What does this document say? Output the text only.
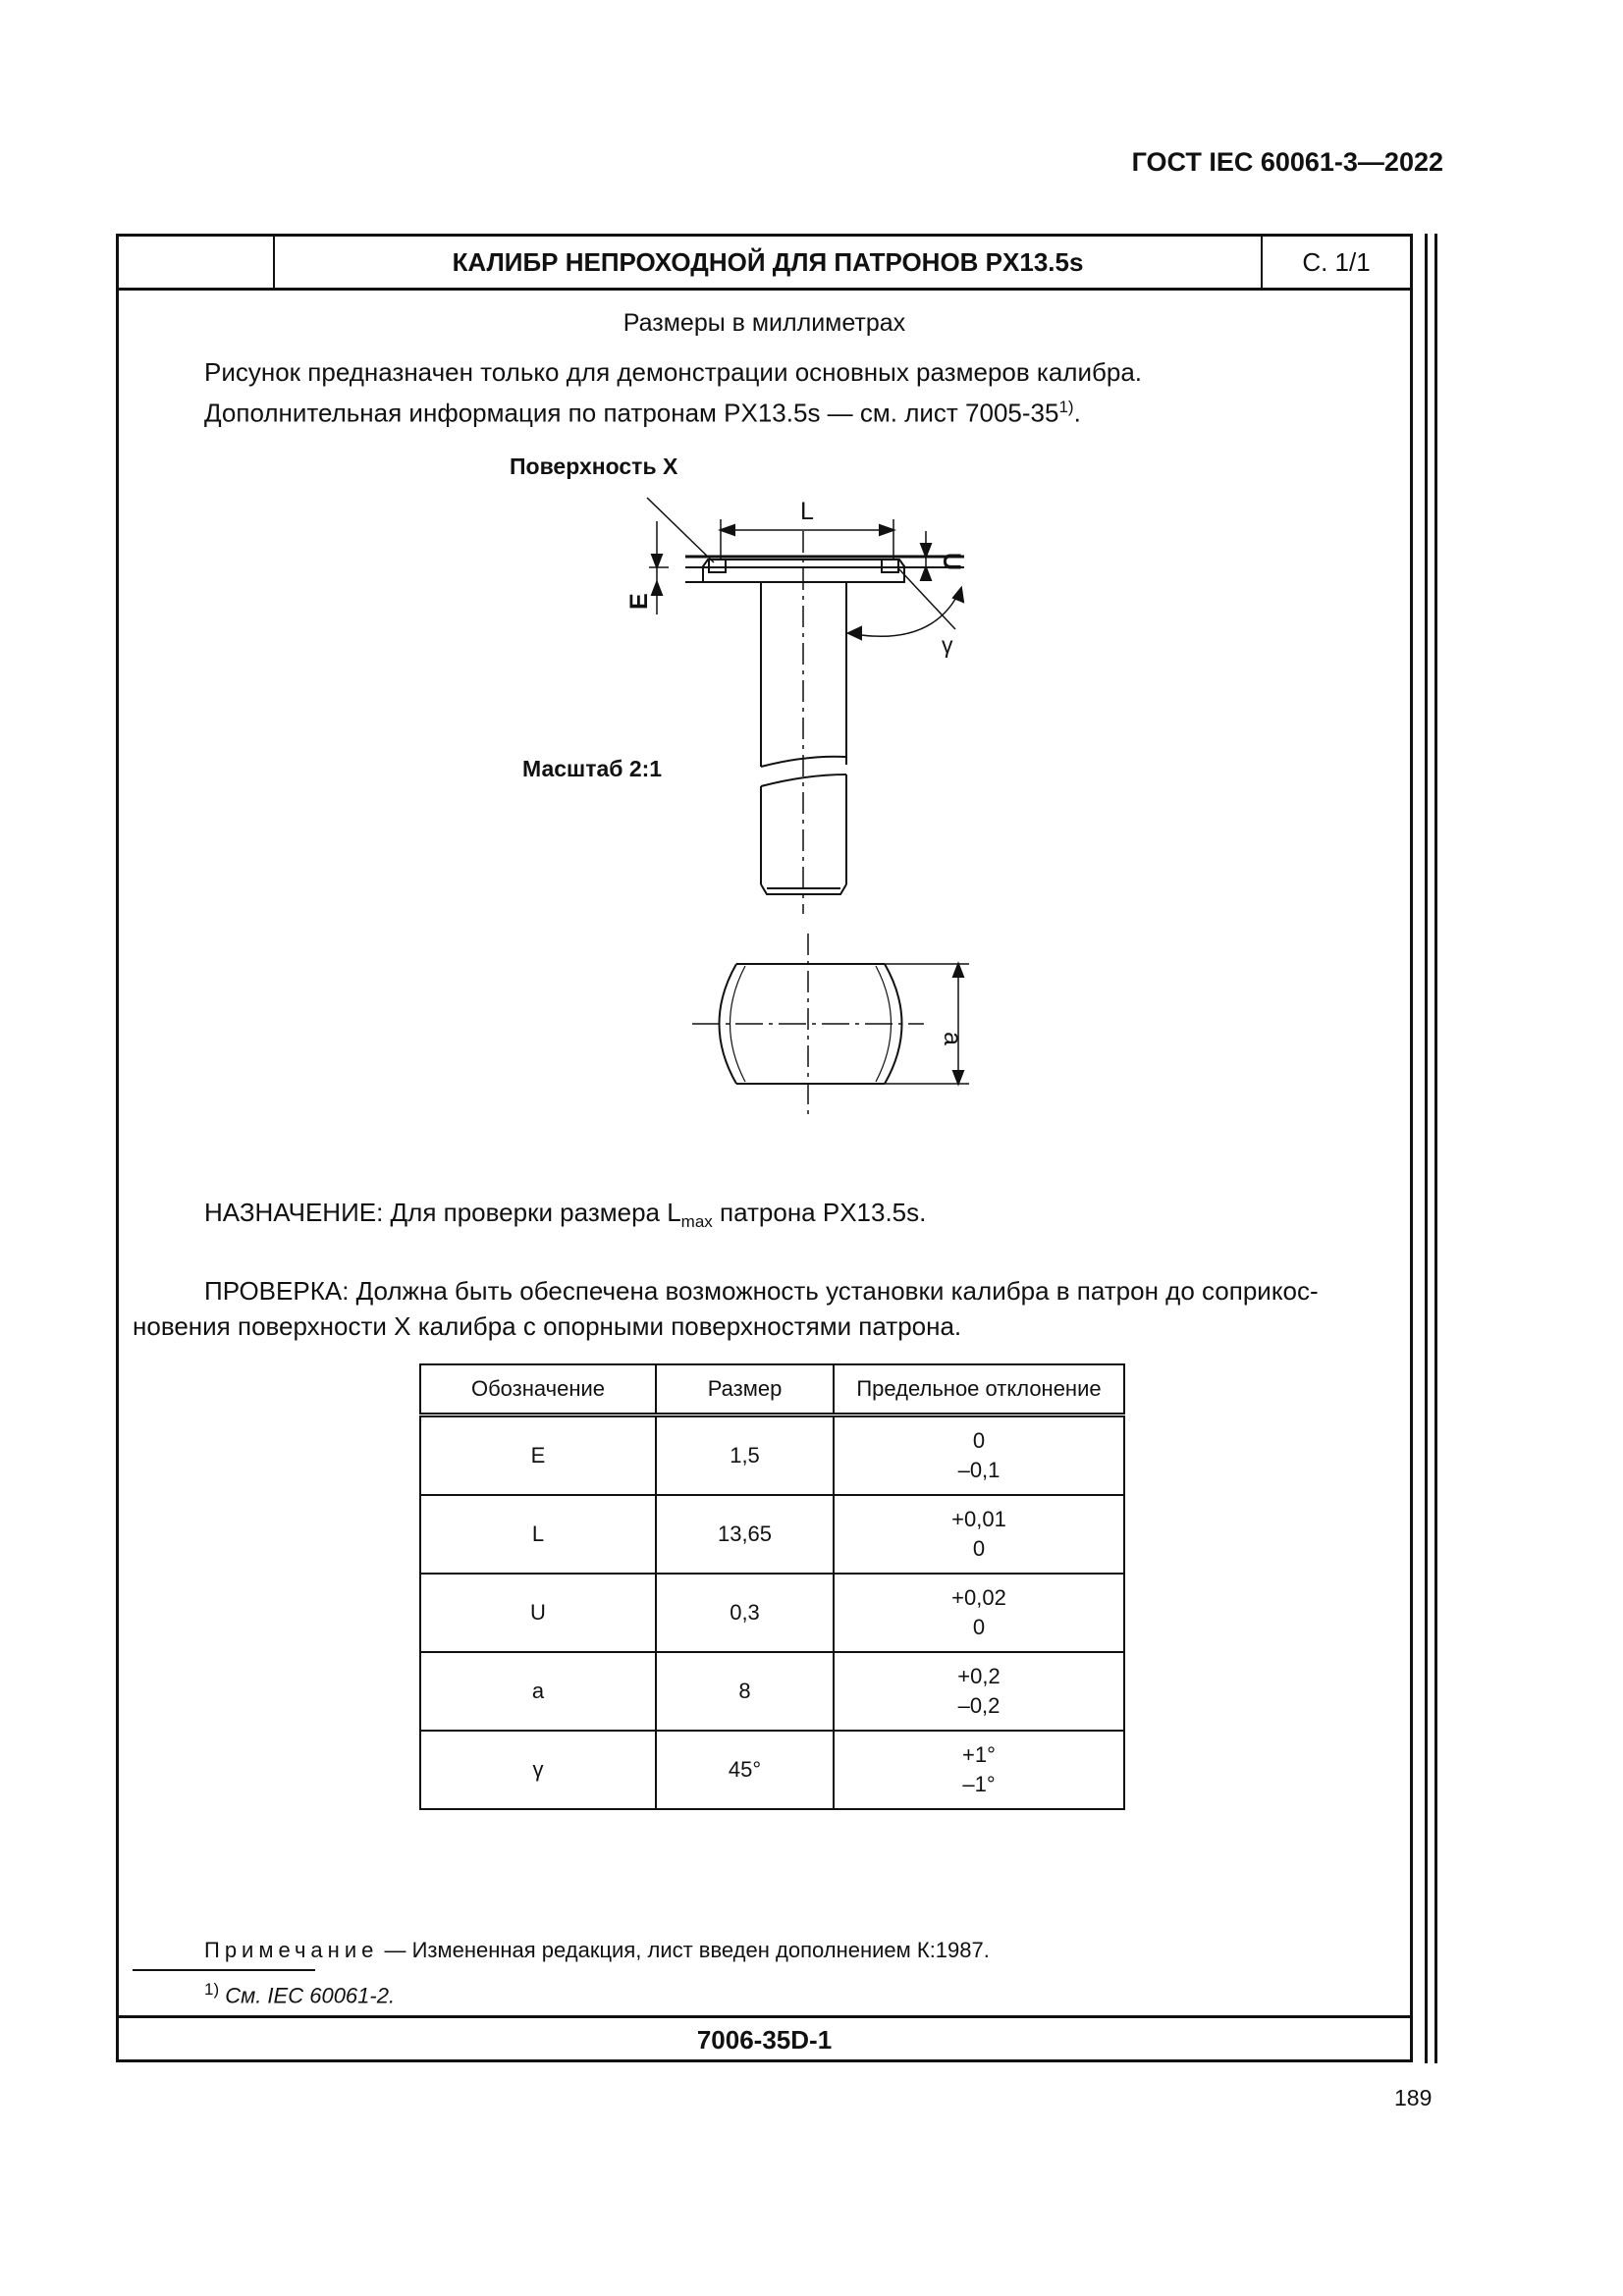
ГОСТ IEC 60061-3—2022
КАЛИБР НЕПРОХОДНОЙ ДЛЯ ПАТРОНОВ PX13.5s	С. 1/1
Размеры в миллиметрах
Рисунок предназначен только для демонстрации основных размеров калибра.
Дополнительная информация по патронам PX13.5s — см. лист 7005-35$^{1)}$.
Поверхность X
L
U
E
γ
Масштаб 2:1
a
НАЗНАЧЕНИЕ: Для проверки размера $L_{max}$ патрона PX13.5s.
ПРОВЕРКА: Должна быть обеспечена возможность установки калибра в патрон до соприкос-
новения поверхности X калибра с опорными поверхностями патрона.
Обозначение	Размер	Предельное отклонение
E	1,5	0
–0,1

L	13,65	+0,01
0

U	0,3	+0,02
0

a	8	+0,2
–0,2

γ	45°	+1°
–1°
Примечание — Измененная редакция, лист введен дополнением К:1987.
$^{1)}$ См. IEC 60061-2.
7006-35D-1
189
